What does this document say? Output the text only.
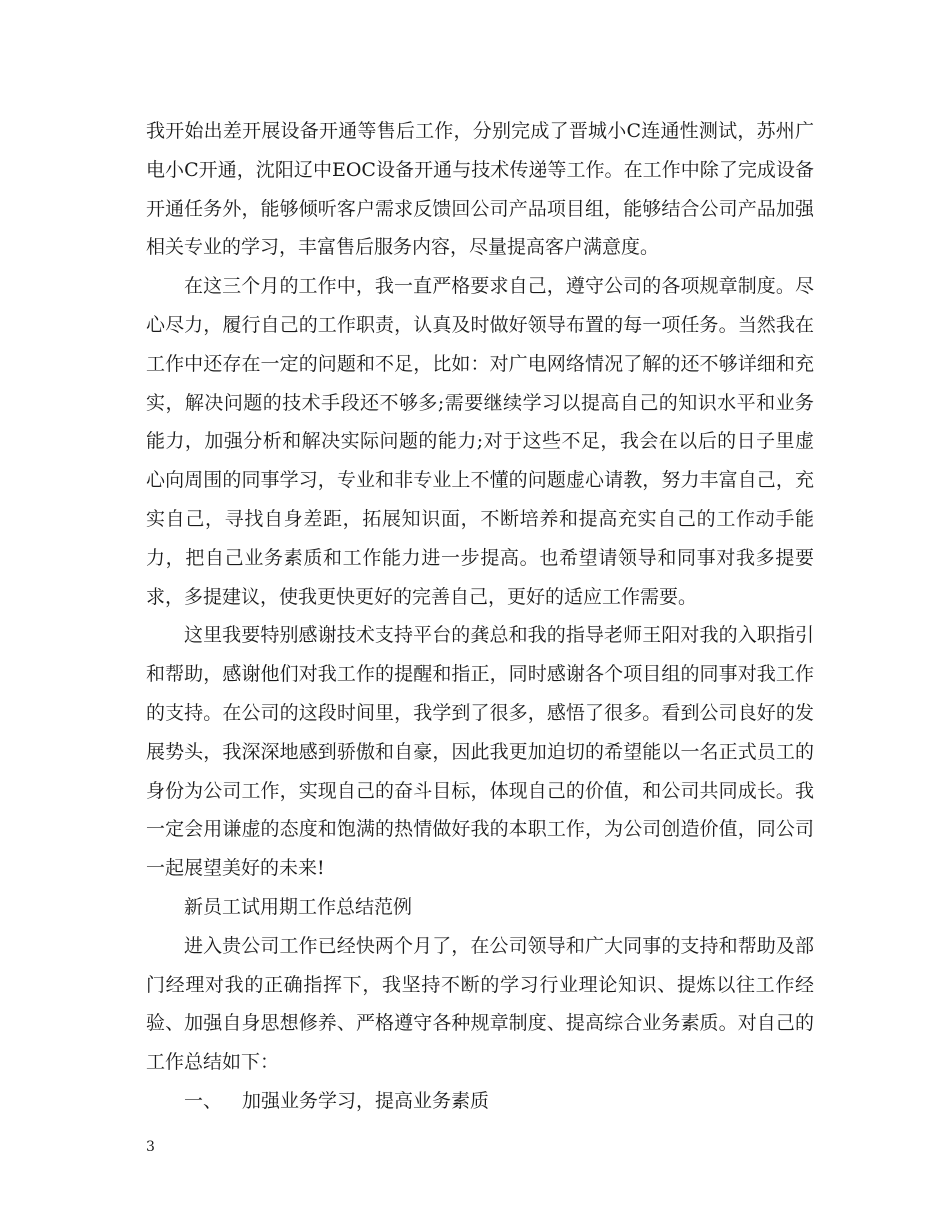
我开始出差开展设备开通等售后工作，分别完成了晋城小C连通性测试，苏州广电小C开通，沈阳辽中EOC设备开通与技术传递等工作。在工作中除了完成设备开通任务外，能够倾听客户需求反馈回公司产品项目组，能够结合公司产品加强相关专业的学习，丰富售后服务内容，尽量提高客户满意度。

在这三个月的工作中，我一直严格要求自己，遵守公司的各项规章制度。尽心尽力，履行自己的工作职责，认真及时做好领导布置的每一项任务。当然我在工作中还存在一定的问题和不足，比如：对广电网络情况了解的还不够详细和充实，解决问题的技术手段还不够多;需要继续学习以提高自己的知识水平和业务能力，加强分析和解决实际问题的能力;对于这些不足，我会在以后的日子里虚心向周围的同事学习，专业和非专业上不懂的问题虚心请教，努力丰富自己，充实自己，寻找自身差距，拓展知识面，不断培养和提高充实自己的工作动手能力，把自己业务素质和工作能力进一步提高。也希望请领导和同事对我多提要求，多提建议，使我更快更好的完善自己，更好的适应工作需要。

这里我要特别感谢技术支持平台的龚总和我的指导老师王阳对我的入职指引和帮助，感谢他们对我工作的提醒和指正，同时感谢各个项目组的同事对我工作的支持。在公司的这段时间里，我学到了很多，感悟了很多。看到公司良好的发展势头，我深深地感到骄傲和自豪，因此我更加迫切的希望能以一名正式员工的身份为公司工作，实现自己的奋斗目标，体现自己的价值，和公司共同成长。我一定会用谦虚的态度和饱满的热情做好我的本职工作，为公司创造价值，同公司一起展望美好的未来!

新员工试用期工作总结范例

进入贵公司工作已经快两个月了，在公司领导和广大同事的支持和帮助及部门经理对我的正确指挥下，我坚持不断的学习行业理论知识、提炼以往工作经验、加强自身思想修养、严格遵守各种规章制度、提高综合业务素质。对自己的工作总结如下：

一、 加强业务学习，提高业务素质

3
